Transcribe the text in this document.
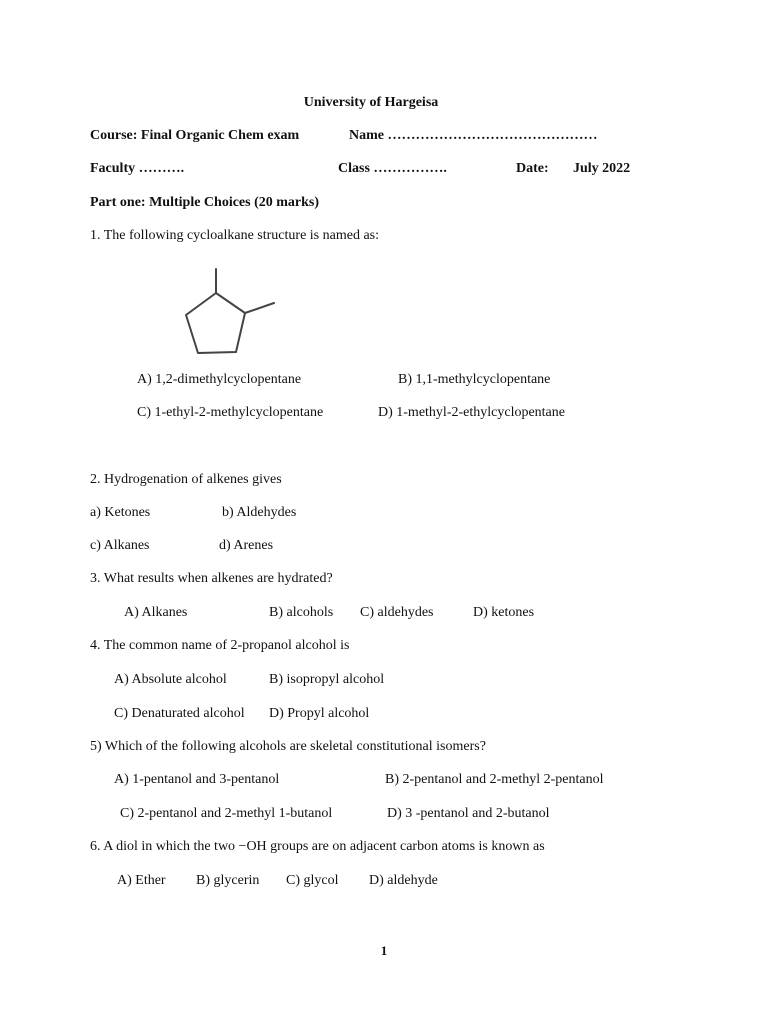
University of Hargeisa
Course: Final Organic Chem exam	Name ………………………………………
Faculty ……….	Class …………….	Date: July 2022
Part one: Multiple Choices (20 marks)
1. The following cycloalkane structure is named as:
A) 1,2-dimethylcyclopentane	B) 1,1-methylcyclopentane
C) 1-ethyl-2-methylcyclopentane	D) 1-methyl-2-ethylcyclopentane
2. Hydrogenation of alkenes gives
a) Ketones	b) Aldehydes
c) Alkanes	d) Arenes
3. What results when alkenes are hydrated?
A) Alkanes	B) alcohols C) aldehydes	D) ketones
4. The common name of 2-propanol alcohol is
A) Absolute alcohol	B) isopropyl alcohol
C) Denaturated alcohol D) Propyl alcohol
5) Which of the following alcohols are skeletal constitutional isomers?
A) 1-pentanol and 3-pentanol	B) 2-pentanol and 2-methyl 2-pentanol
C) 2-pentanol and 2-methyl 1-butanol	D) 3 -pentanol and 2-butanol
6. A diol in which the two −OH groups are on adjacent carbon atoms is known as
A) Ether B) glycerin C) glycol D) aldehyde
1
